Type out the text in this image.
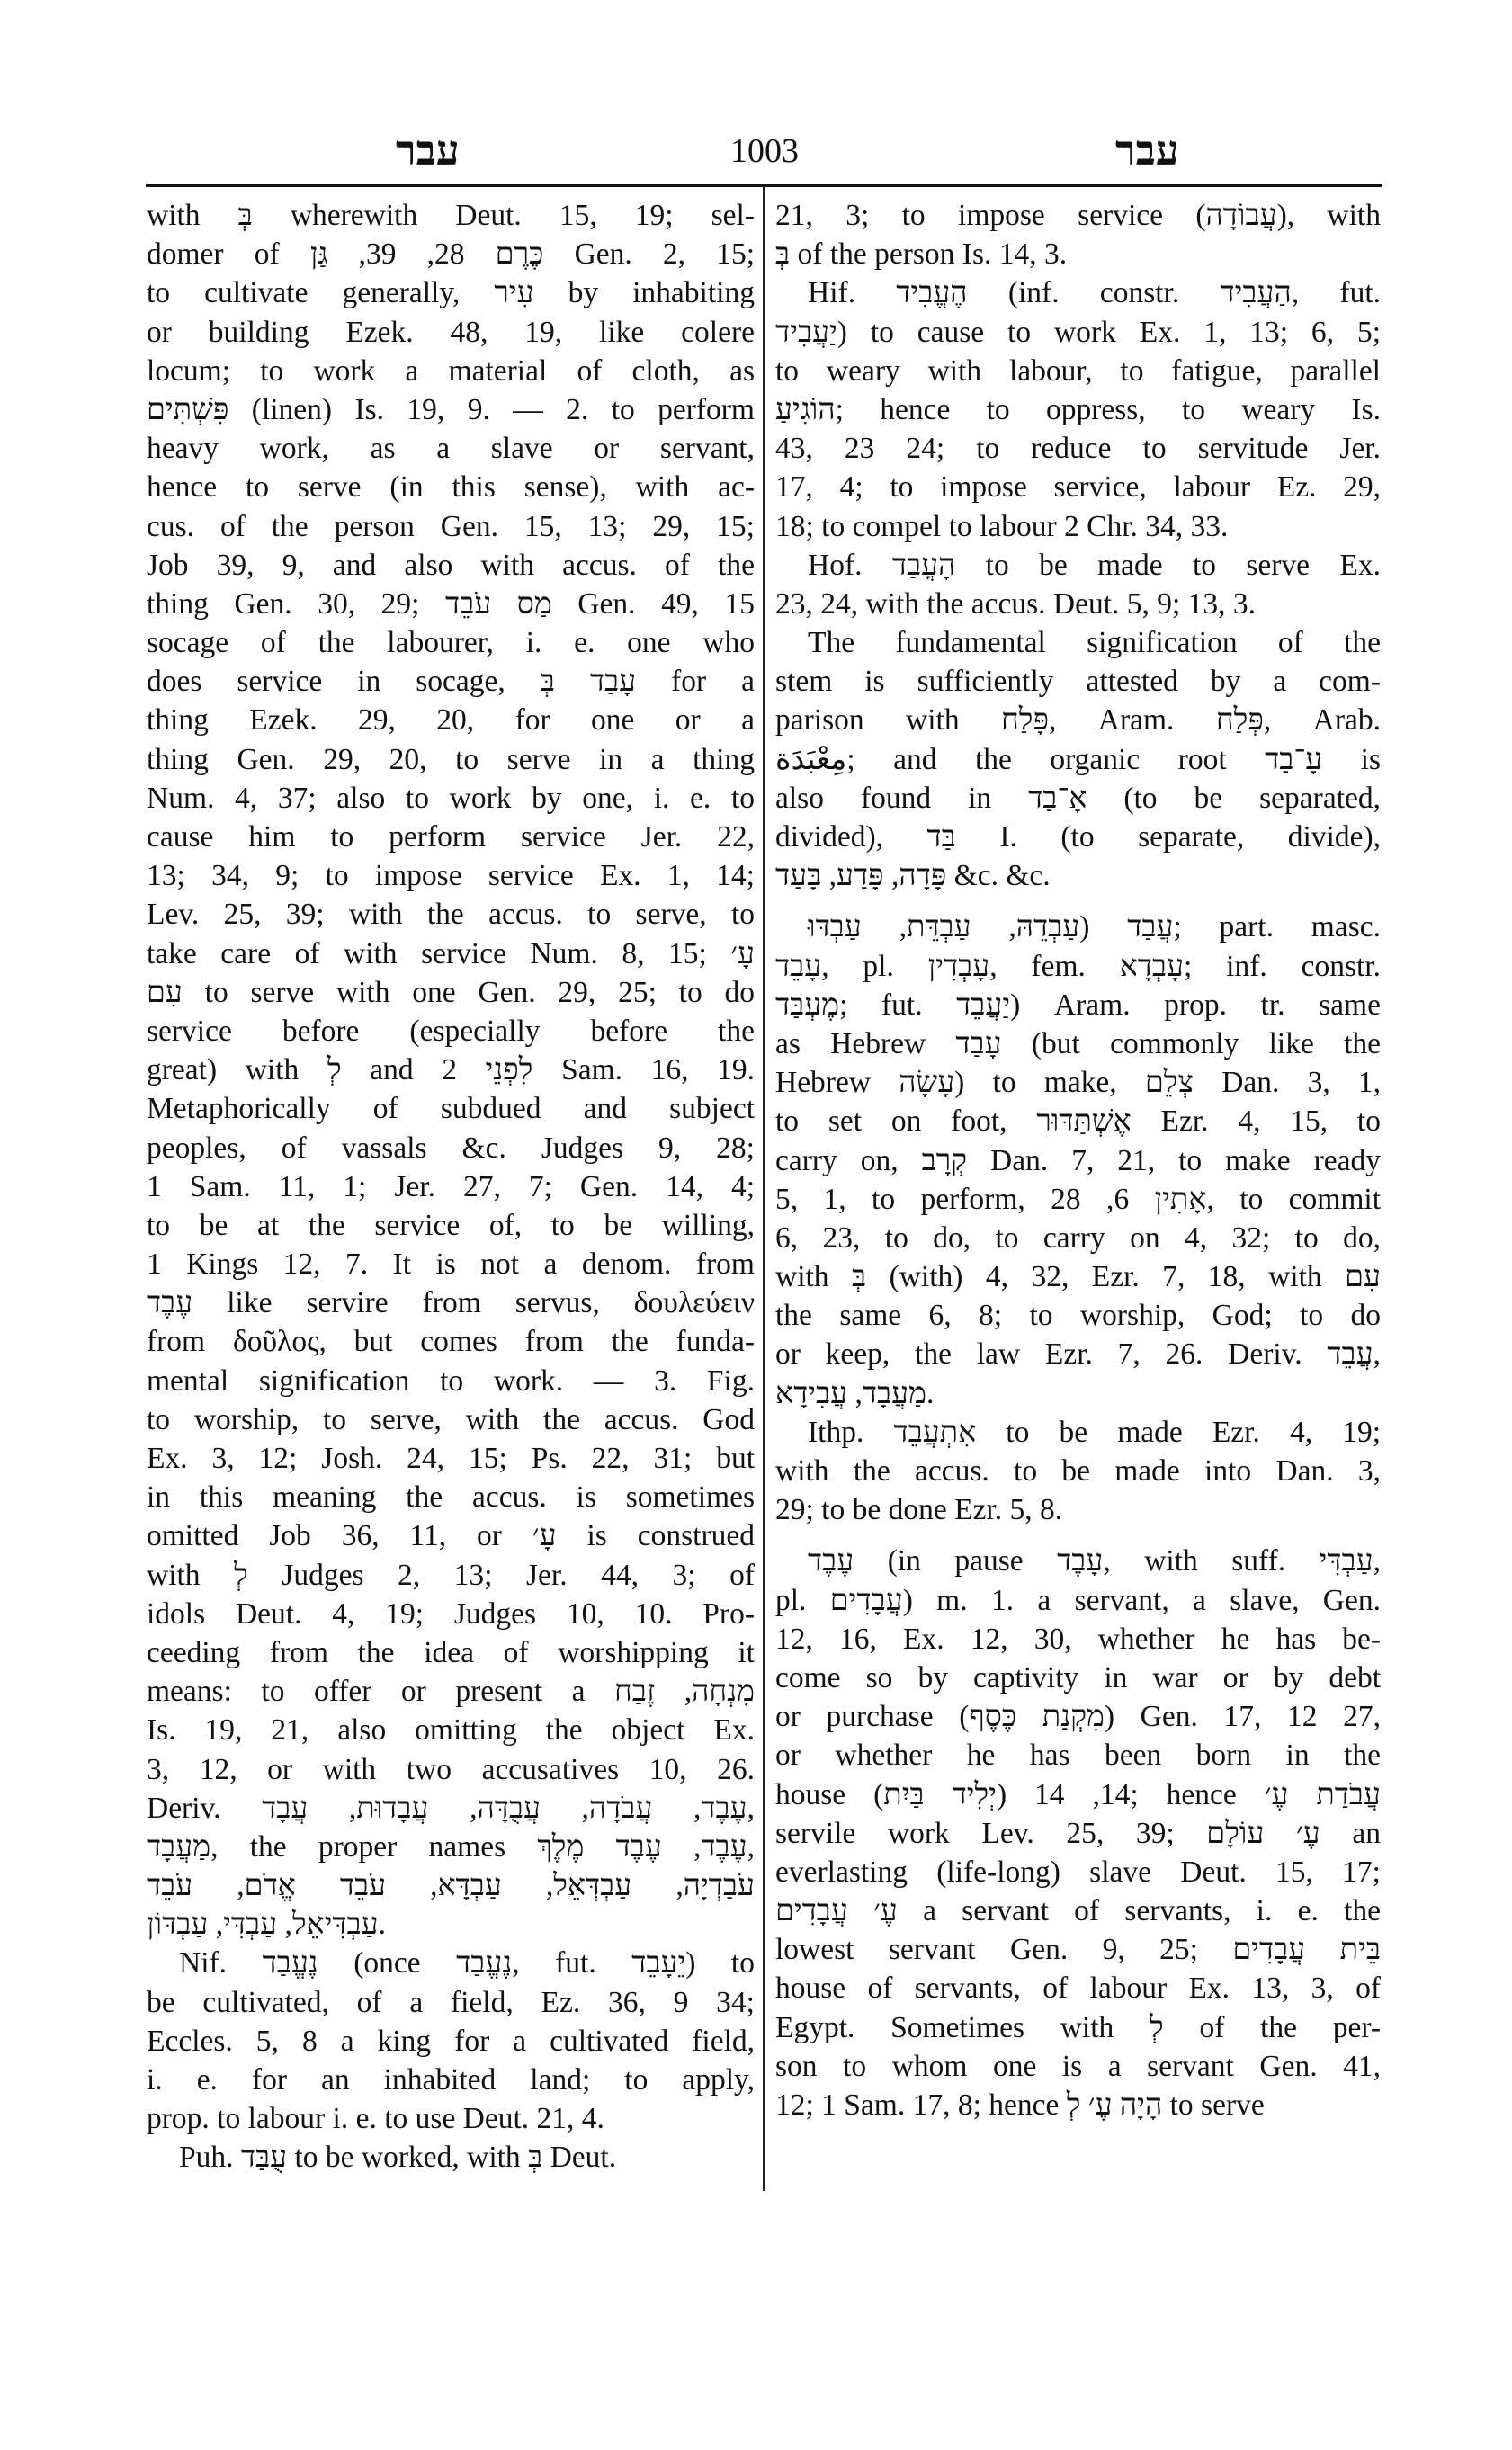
עבר	1003	עבר
with בְּ wherewith Deut. 15, 19; sel-
domer of כֶּרֶם 28, 39, גַּן Gen. 2, 15;
to cultivate generally, עִיר by inhabiting
or building Ezek. 48, 19, like colere
locum; to work a material of cloth, as
פִּשְׁתִּים (linen) Is. 19, 9. — 2. to perform
heavy work, as a slave or servant,
hence to serve (in this sense), with ac-
cus. of the person Gen. 15, 13; 29, 15;
Job 39, 9, and also with accus. of the
thing Gen. 30, 29; מַס עֹבֵד Gen. 49, 15
socage of the labourer, i. e. one who
does service in socage, עָבַד בְּ for a
thing Ezek. 29, 20, for one or a
thing Gen. 29, 20, to serve in a thing
Num. 4, 37; also to work by one, i. e. to
cause him to perform service Jer. 22,
13; 34, 9; to impose service Ex. 1, 14;
Lev. 25, 39; with the accus. to serve, to
take care of with service Num. 8, 15; עָ׳
עִם to serve with one Gen. 29, 25; to do
service before (especially before the
great) with לְ and לִפְנֵי 2 Sam. 16, 19.
Metaphorically of subdued and subject
peoples, of vassals &c. Judges 9, 28;
1 Sam. 11, 1; Jer. 27, 7; Gen. 14, 4;
to be at the service of, to be willing,
1 Kings 12, 7. It is not a denom. from
עֶבֶד like servire from servus, δουλεύειν
from δοῦλος, but comes from the funda-
mental signification to work. — 3. Fig.
to worship, to serve, with the accus. God
Ex. 3, 12; Josh. 24, 15; Ps. 22, 31; but
in this meaning the accus. is sometimes
omitted Job 36, 11, or עָ׳ is construed
with לְ Judges 2, 13; Jer. 44, 3; of
idols Deut. 4, 19; Judges 10, 10. Pro-
ceeding from the idea of worshipping it
means: to offer or present a מִנְחָה, זֶבַח
Is. 19, 21, also omitting the object Ex.
3, 12, or with two accusatives 10, 26.
Deriv. עֶבֶד, עֲבֹדָה, עֲבֻדָּה, עֲבָדוּת, עֲבָד,
מַעֲבָד, the proper names עֶבֶד, עֶבֶד מֶלֶךְ,
עֹבַדְיָה, עַבְדְּאֵל, עַבְדָּא, עֹבֵד אֱדֹם, עֹבֵד
עַבְדִּיאֵל, עַבְדִּי, עַבְדּוֹן.
Nif. נֶעֱבַד (once נֶעֱבַד, fut. יֵעָבֵד) to
be cultivated, of a field, Ez. 36, 9 34;
Eccles. 5, 8 a king for a cultivated field,
i. e. for an inhabited land; to apply,
prop. to labour i. e. to use Deut. 21, 4.
Puh. עֻבַּד to be worked, with בְּ Deut.
21, 3; to impose service (עֲבוֹדָה), with
בְּ of the person Is. 14, 3.
Hif. הֶעֱבִיד (inf. constr. הַעֲבִיד, fut.
יַעֲבִיד) to cause to work Ex. 1, 13; 6, 5;
to weary with labour, to fatigue, parallel
הוֹגִיעַ; hence to oppress, to weary Is.
43, 23 24; to reduce to servitude Jer.
17, 4; to impose service, labour Ez. 29,
18; to compel to labour 2 Chr. 34, 33.
Hof. הָעֳבַד to be made to serve Ex.
23, 24, with the accus. Deut. 5, 9; 13, 3.
The fundamental signification of the
stem is sufficiently attested by a com-
parison with פָּלַח, Aram. פְּלַח, Arab.
مِعْبَدَة; and the organic root עָ־בַד is
also found in אָ־בַד (to be separated,
divided), בַּד I. (to separate, divide),
פָּדָה, פָּדַע, בָּעַד &c. &c.
עֲבַד (עַבְדֵהּ, עַבְדֵּת, עַבְדּוּ; part. masc.
עָבֵד, pl. עָבְדִין, fem. עָבְדָא; inf. constr.
מֶעְבַּד; fut. יַעֲבֵד) Aram. prop. tr. same
as Hebrew עָבַד (but commonly like the
Hebrew עָשָׂה) to make, צְלֵם Dan. 3, 1,
to set on foot, אֶשְׁתַּדּוּר Ezr. 4, 15, to
carry on, קְרָב Dan. 7, 21, to make ready
5, 1, to perform, אָתִין 6, 28, to commit
6, 23, to do, to carry on 4, 32; to do,
with בְּ (with) 4, 32, Ezr. 7, 18, with עִם
the same 6, 8; to worship, God; to do
or keep, the law Ezr. 7, 26. Deriv. עֲבֵד,
מַעֲבָד, עֲבִידָא.
Ithp. אִתְעֲבֵד to be made Ezr. 4, 19;
with the accus. to be made into Dan. 3,
29; to be done Ezr. 5, 8.
עֶבֶד (in pause עָבֶד, with suff. עַבְדִּי,
pl. עֲבָדִים) m. 1. a servant, a slave, Gen.
12, 16, Ex. 12, 30, whether he has be-
come so by captivity in war or by debt
or purchase (מִקְנַת כֶּסֶף) Gen. 17, 12 27,
or whether he has been born in the
house (יְלִיד בַּיִת) 14, 14; hence עֲבֹדַת עֶ׳
servile work Lev. 25, 39; עֶ׳ עוֹלָם an
everlasting (life-long) slave Deut. 15, 17;
עֶ׳ עֲבָדִים a servant of servants, i. e. the
lowest servant Gen. 9, 25; בֵּית עֲבָדִים
house of servants, of labour Ex. 13, 3, of
Egypt. Sometimes with לְ of the per-
son to whom one is a servant Gen. 41,
12; 1 Sam. 17, 8; hence הָיָה עֶ׳ לְ to serve
